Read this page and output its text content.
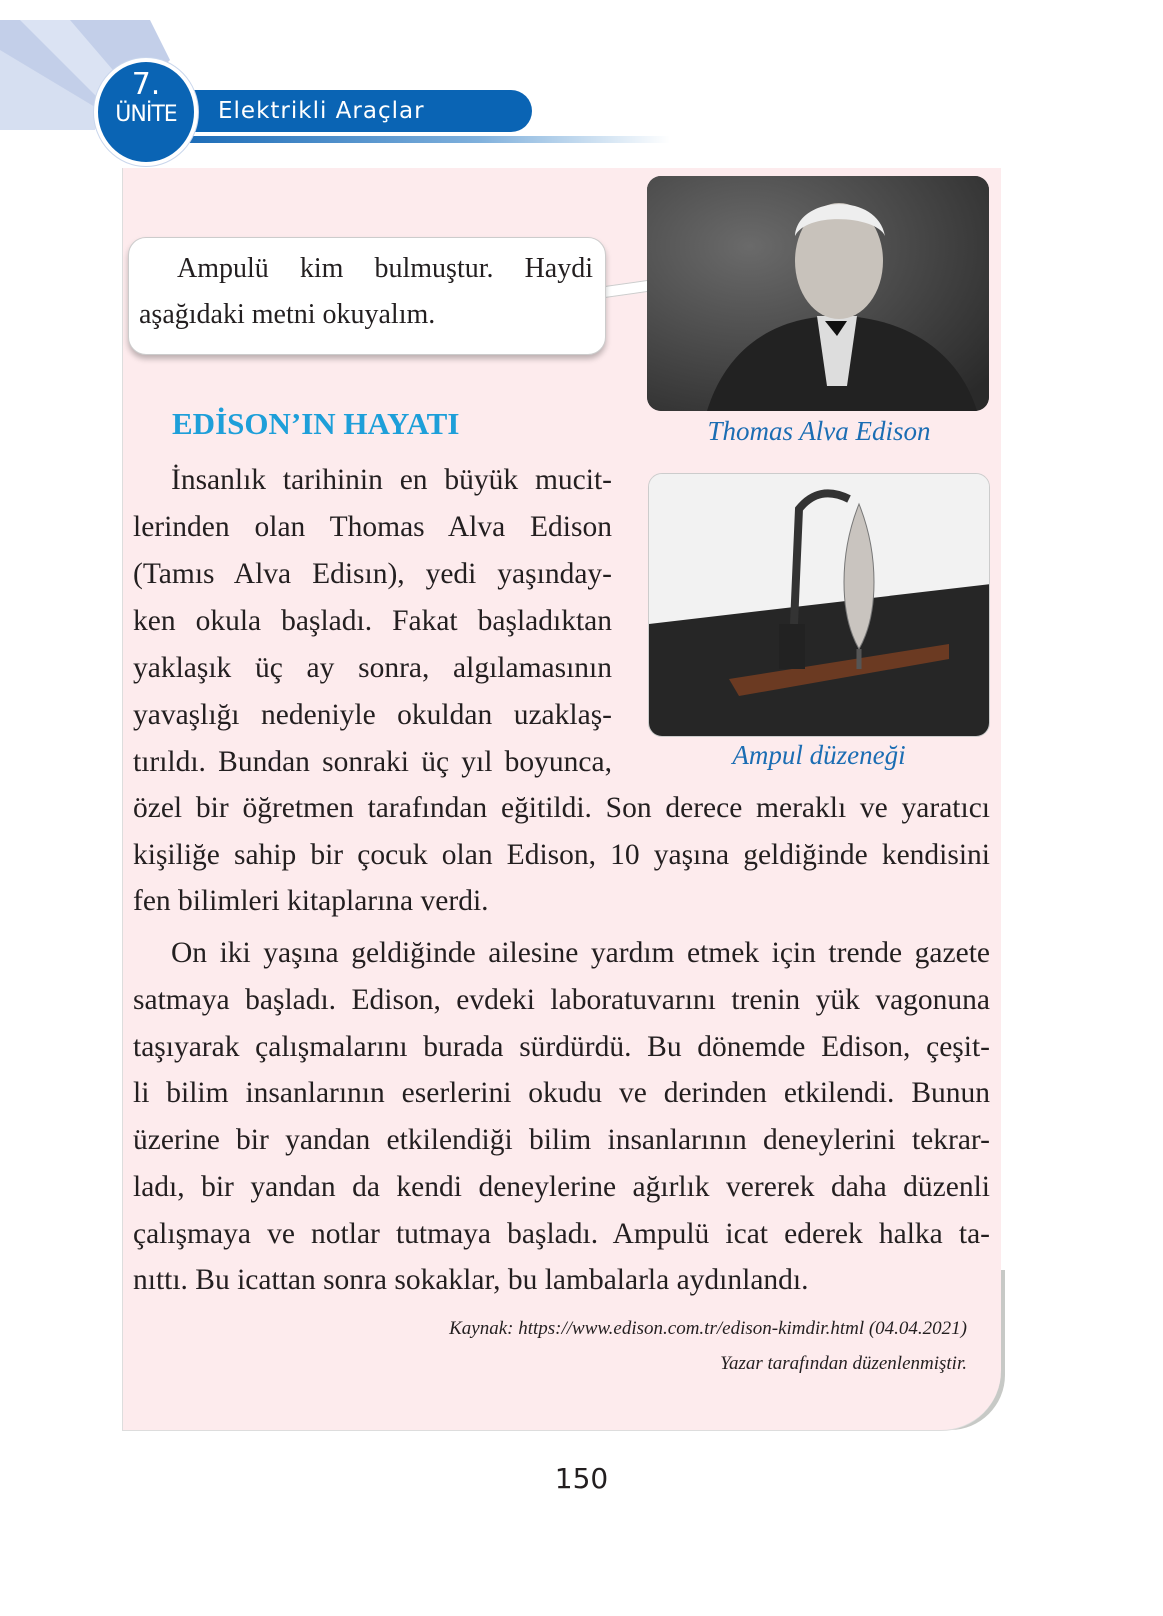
Elektrikli Araçlar
7.
ÜNİTE
Ampulü kim bulmuştur. Haydi
aşağıdaki metni okuyalım.
Thomas Alva Edison
Ampul düzeneği
EDİSON’IN HAYATI
İnsanlık tarihinin en büyük mucit-
lerinden olan Thomas Alva Edison
(Tamıs Alva Edisın), yedi yaşınday-
ken okula başladı. Fakat başladıktan
yaklaşık üç ay sonra, algılamasının
yavaşlığı nedeniyle okuldan uzaklaş-
tırıldı. Bundan sonraki üç yıl boyunca,
özel bir öğretmen tarafından eğitildi. Son derece meraklı ve yaratıcı
kişiliğe sahip bir çocuk olan Edison, 10 yaşına geldiğinde kendisini
fen bilimleri kitaplarına verdi.
On iki yaşına geldiğinde ailesine yardım etmek için trende gazete
satmaya başladı. Edison, evdeki laboratuvarını trenin yük vagonuna
taşıyarak çalışmalarını burada sürdürdü. Bu dönemde Edison, çeşit-
li bilim insanlarının eserlerini okudu ve derinden etkilendi. Bunun
üzerine bir yandan etkilendiği bilim insanlarının deneylerini tekrar-
ladı, bir yandan da kendi deneylerine ağırlık vererek daha düzenli
çalışmaya ve notlar tutmaya başladı. Ampulü icat ederek halka ta-
nıttı. Bu icattan sonra sokaklar, bu lambalarla aydınlandı.
Kaynak: https://www.edison.com.tr/edison-kimdir.html (04.04.2021)
Yazar tarafından düzenlenmiştir.
150
